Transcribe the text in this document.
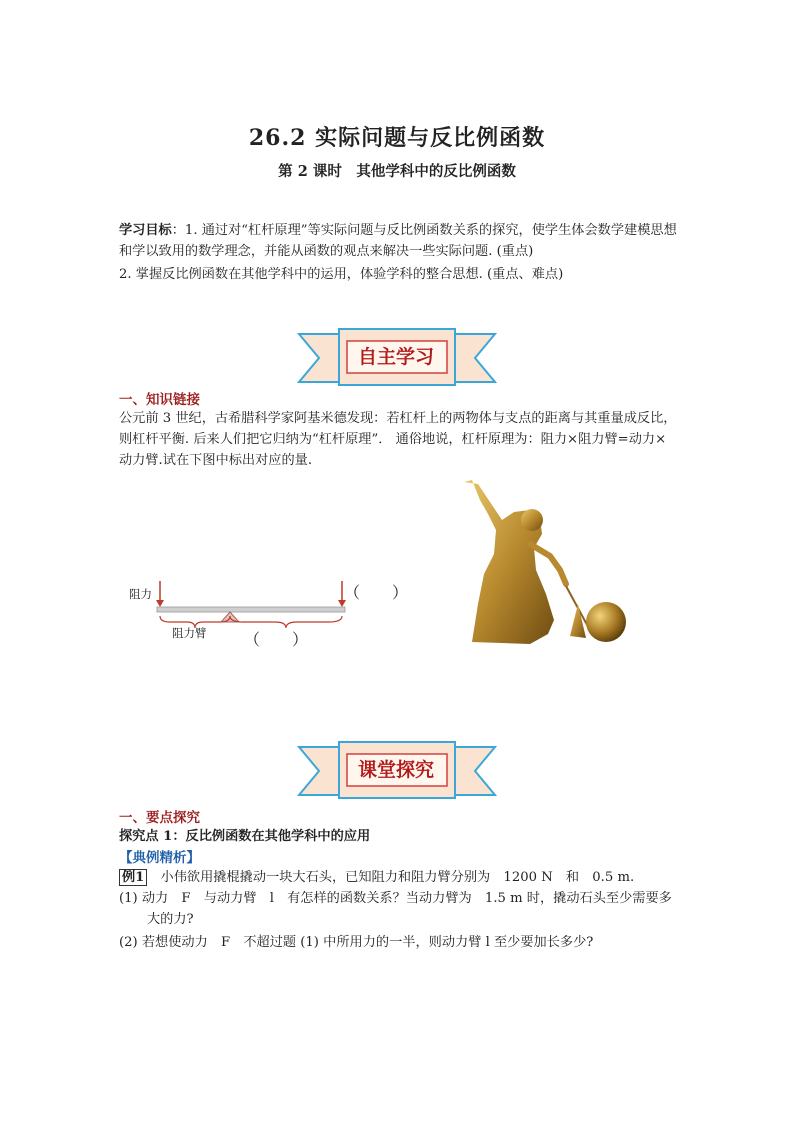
26.2 实际问题与反比例函数
第 2 课时　其他学科中的反比例函数
学习目标：1. 通过对“杠杆原理”等实际问题与反比例函数关系的探究，使学生体会数学建模思想和学以致用的数学理念，并能从函数的观点来解决一些实际问题. (重点)
2. 掌握反比例函数在其他学科中的运用，体验学科的整合思想. (重点、难点)
自主学习
一、知识链接
公元前 3 世纪，古希腊科学家阿基米德发现：若杠杆上的两物体与支点的距离与其重量成反比，则杠杆平衡. 后来人们把它归纳为“杠杆原理”． 通俗地说，杠杆原理为：阻力×阻力臂=动力×动力臂.试在下图中标出对应的量.
阻力
阻力臂
（　　）
（　　）
课堂探究
一、要点探究
探究点 1：反比例函数在其他学科中的应用
【典例精析】
例1　小伟欲用撬棍撬动一块大石头，已知阻力和阻力臂分别为　1200 N　和　0.5 m.
(1) 动力　F　与动力臂　l　有怎样的函数关系？当动力臂为　1.5 m 时，撬动石头至少需要多大的力?
(2) 若想使动力　F　不超过题 (1) 中所用力的一半，则动力臂 l 至少要加长多少?
